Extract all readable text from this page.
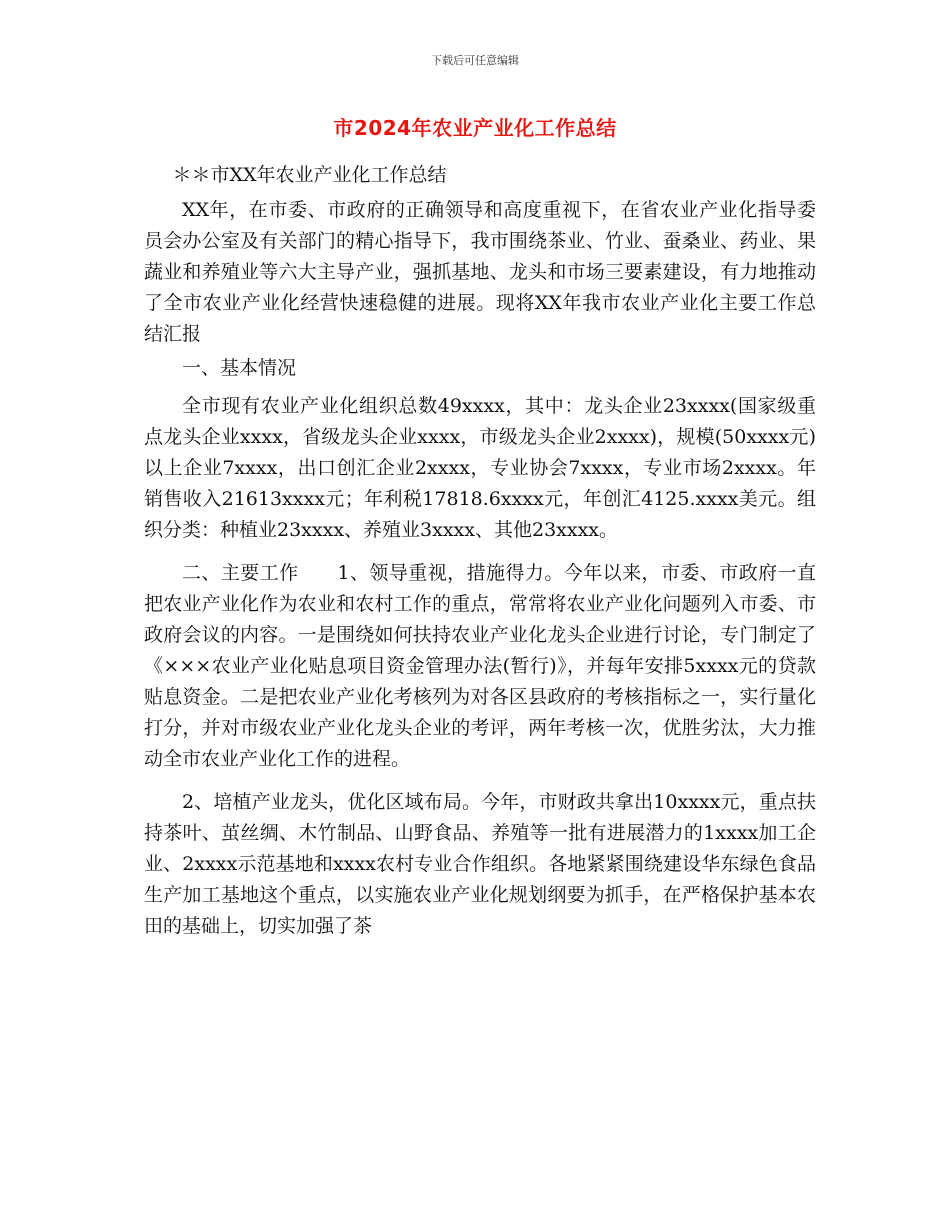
下载后可任意编辑
市2024年农业产业化工作总结

＊＊市XX年农业产业化工作总结

XX年，在市委、市政府的正确领导和高度重视下，在省农业产业化指导委员会办公室及有关部门的精心指导下，我市围绕茶业、竹业、蚕桑业、药业、果蔬业和养殖业等六大主导产业，强抓基地、龙头和市场三要素建设，有力地推动了全市农业产业化经营快速稳健的进展。现将XX年我市农业产业化主要工作总结汇报

一、基本情况

全市现有农业产业化组织总数49xxxx，其中：龙头企业23xxxx(国家级重点龙头企业xxxx，省级龙头企业xxxx，市级龙头企业2xxxx)，规模(50xxxx元)以上企业7xxxx，出口创汇企业2xxxx，专业协会7xxxx，专业市场2xxxx。年销售收入21613xxxx元；年利税17818.6xxxx元，年创汇4125.xxxx美元。组织分类：种植业23xxxx、养殖业3xxxx、其他23xxxx。

二、主要工作　　1、领导重视，措施得力。今年以来，市委、市政府一直把农业产业化作为农业和农村工作的重点，常常将农业产业化问题列入市委、市政府会议的内容。一是围绕如何扶持农业产业化龙头企业进行讨论，专门制定了《×××农业产业化贴息项目资金管理办法(暂行)》，并每年安排5xxxx元的贷款贴息资金。二是把农业产业化考核列为对各区县政府的考核指标之一，实行量化打分，并对市级农业产业化龙头企业的考评，两年考核一次，优胜劣汰，大力推动全市农业产业化工作的进程。

2、培植产业龙头，优化区域布局。今年，市财政共拿出10xxxx元，重点扶持茶叶、茧丝绸、木竹制品、山野食品、养殖等一批有进展潜力的1xxxx加工企业、2xxxx示范基地和xxxx农村专业合作组织。各地紧紧围绕建设华东绿色食品生产加工基地这个重点，以实施农业产业化规划纲要为抓手，在严格保护基本农田的基础上，切实加强了茶
